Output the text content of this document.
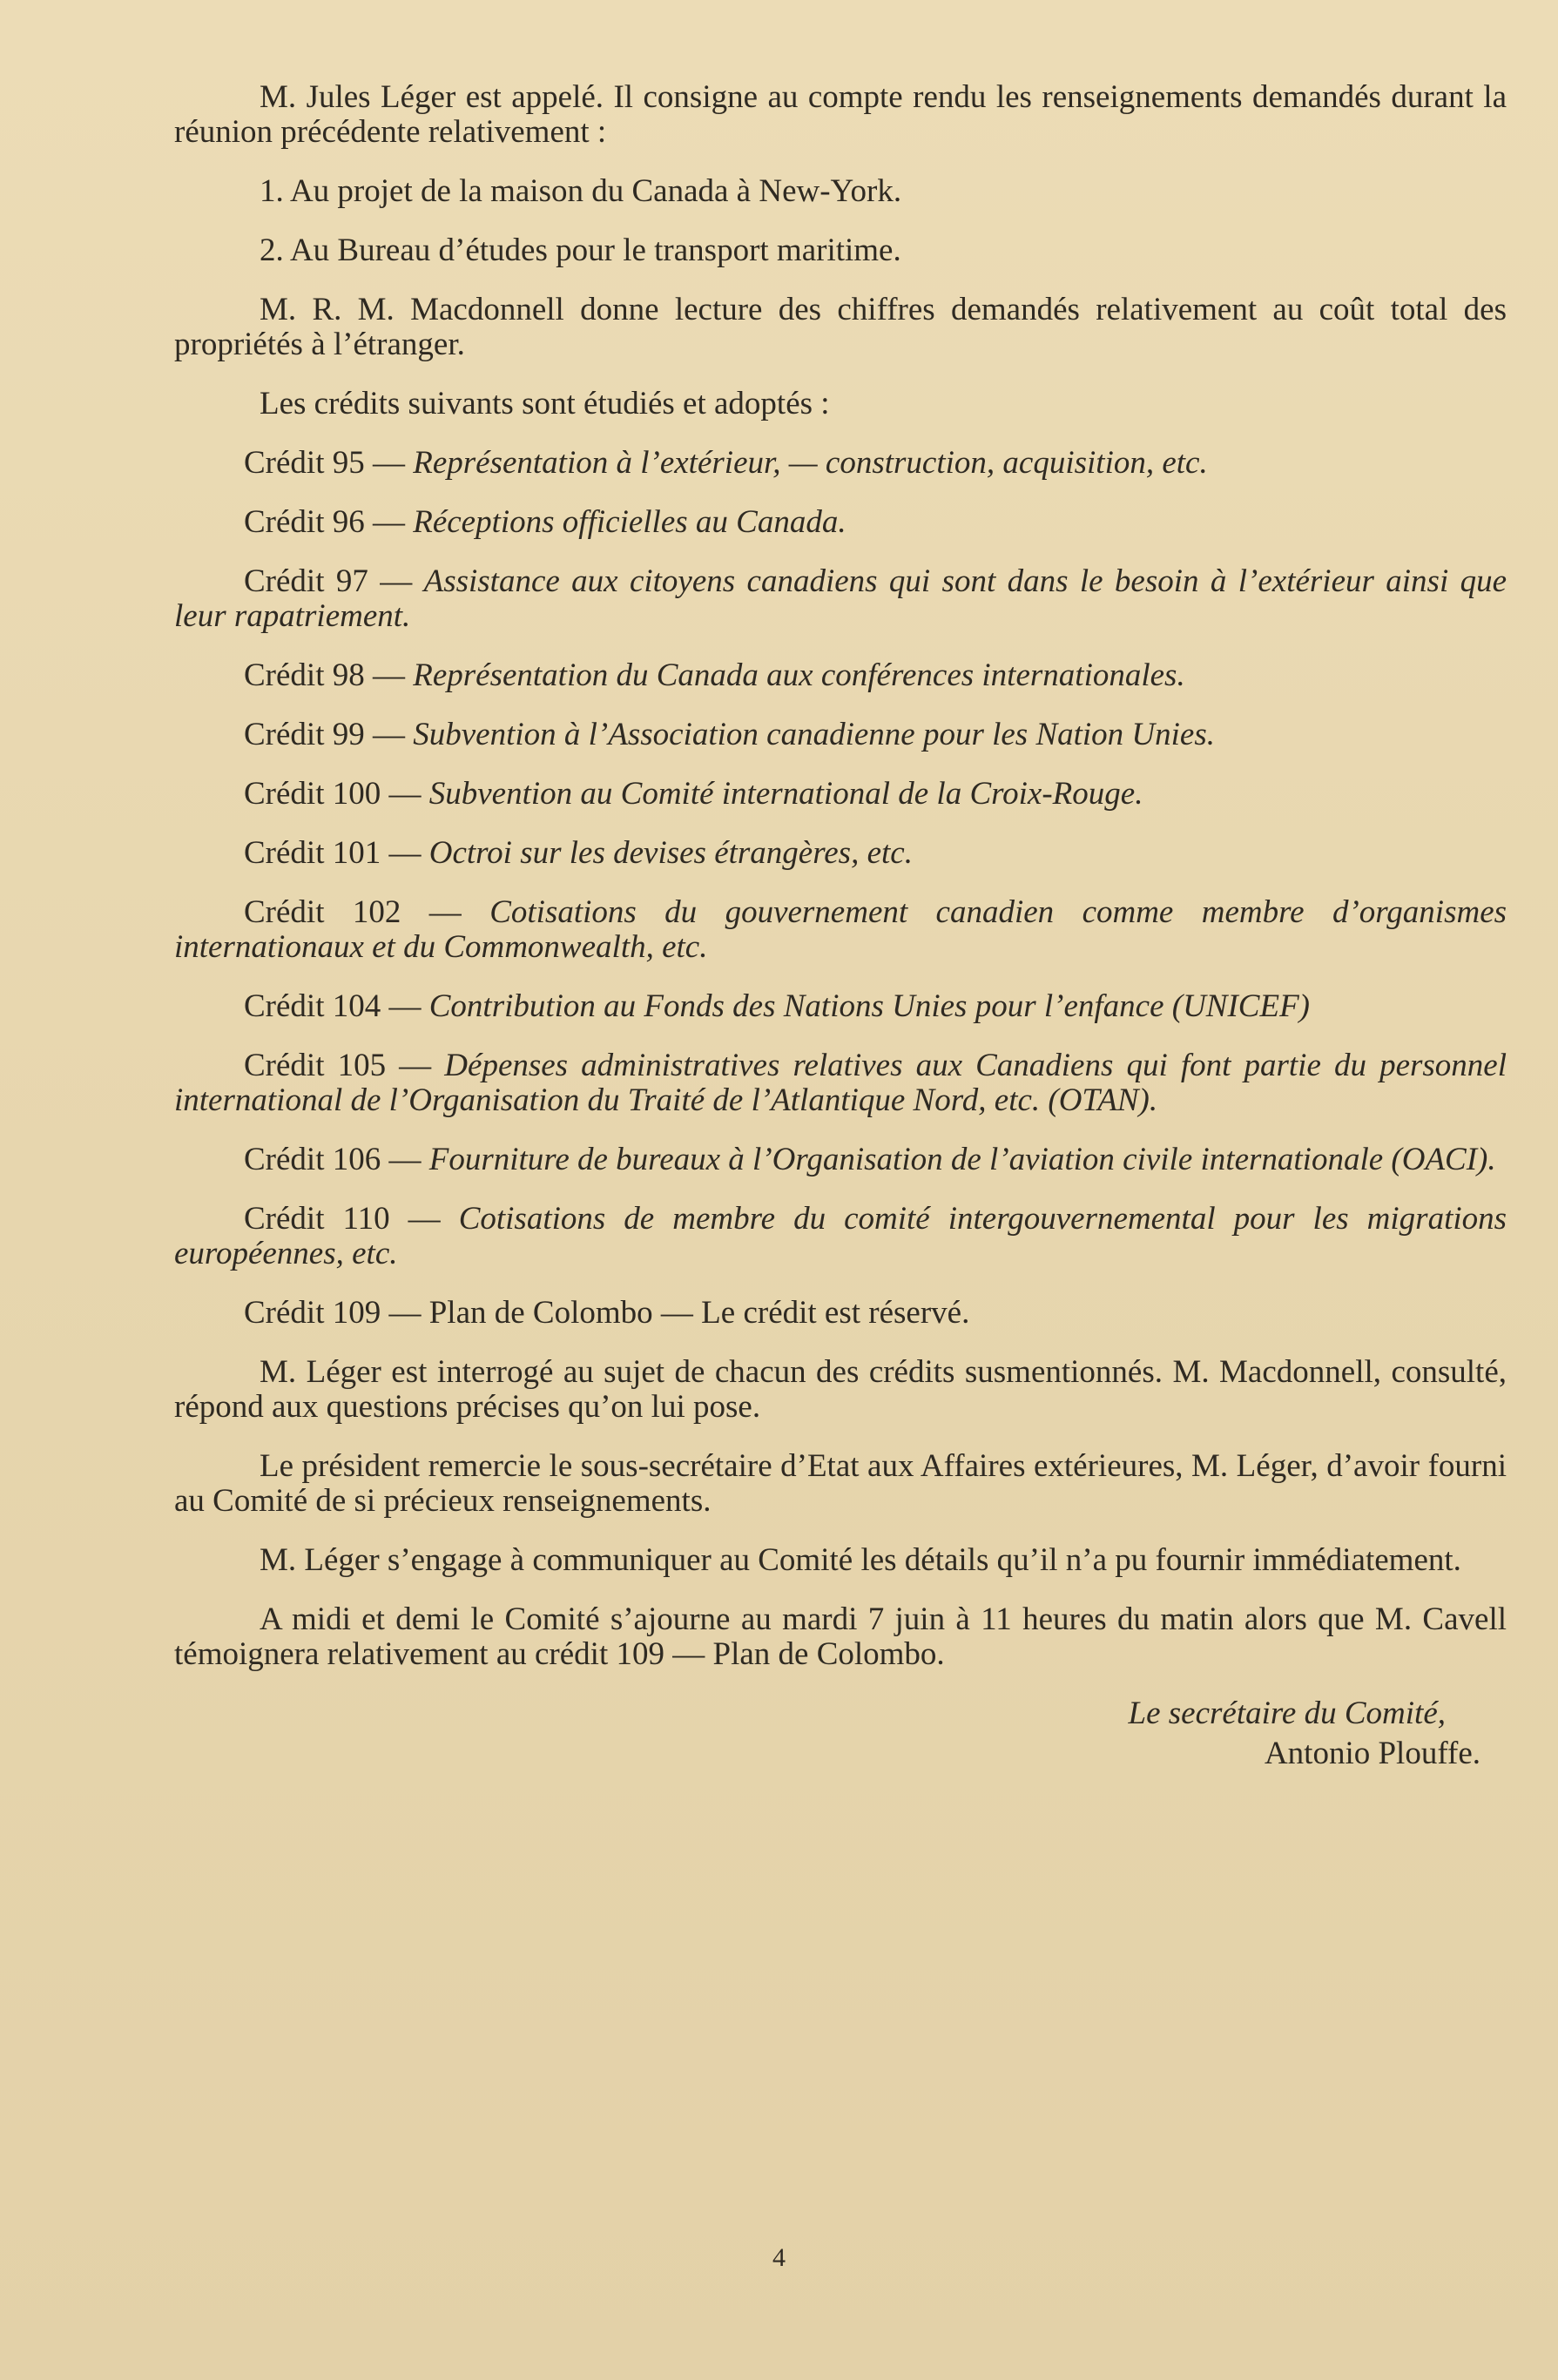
M. Jules Léger est appelé. Il consigne au compte rendu les renseignements demandés durant la réunion précédente relativement :

1. Au projet de la maison du Canada à New-York.

2. Au Bureau d’études pour le transport maritime.

M. R. M. Macdonnell donne lecture des chiffres demandés relativement au coût total des propriétés à l’étranger.

Les crédits suivants sont étudiés et adoptés :

Crédit 95 — Représentation à l’extérieur, — construction, acquisition, etc.

Crédit 96 — Réceptions officielles au Canada.

Crédit 97 — Assistance aux citoyens canadiens qui sont dans le besoin à l’extérieur ainsi que leur rapatriement.

Crédit 98 — Représentation du Canada aux conférences internationales.

Crédit 99 — Subvention à l’Association canadienne pour les Nation Unies.

Crédit 100 — Subvention au Comité international de la Croix-Rouge.

Crédit 101 — Octroi sur les devises étrangères, etc.

Crédit 102 — Cotisations du gouvernement canadien comme membre d’organismes internationaux et du Commonwealth, etc.

Crédit 104 — Contribution au Fonds des Nations Unies pour l’enfance (UNICEF)

Crédit 105 — Dépenses administratives relatives aux Canadiens qui font partie du personnel international de l’Organisation du Traité de l’Atlantique Nord, etc. (OTAN).

Crédit 106 — Fourniture de bureaux à l’Organisation de l’aviation civile internationale (OACI).

Crédit 110 — Cotisations de membre du comité intergouvernemental pour les migrations européennes, etc.

Crédit 109 — Plan de Colombo — Le crédit est réservé.

M. Léger est interrogé au sujet de chacun des crédits susmentionnés. M. Macdonnell, consulté, répond aux questions précises qu’on lui pose.

Le président remercie le sous-secrétaire d’Etat aux Affaires extérieures, M. Léger, d’avoir fourni au Comité de si précieux renseignements.

M. Léger s’engage à communiquer au Comité les détails qu’il n’a pu fournir immédiatement.

A midi et demi le Comité s’ajourne au mardi 7 juin à 11 heures du matin alors que M. Cavell témoignera relativement au crédit 109 — Plan de Colombo.

Le secrétaire du Comité,
Antonio Plouffe.
4
